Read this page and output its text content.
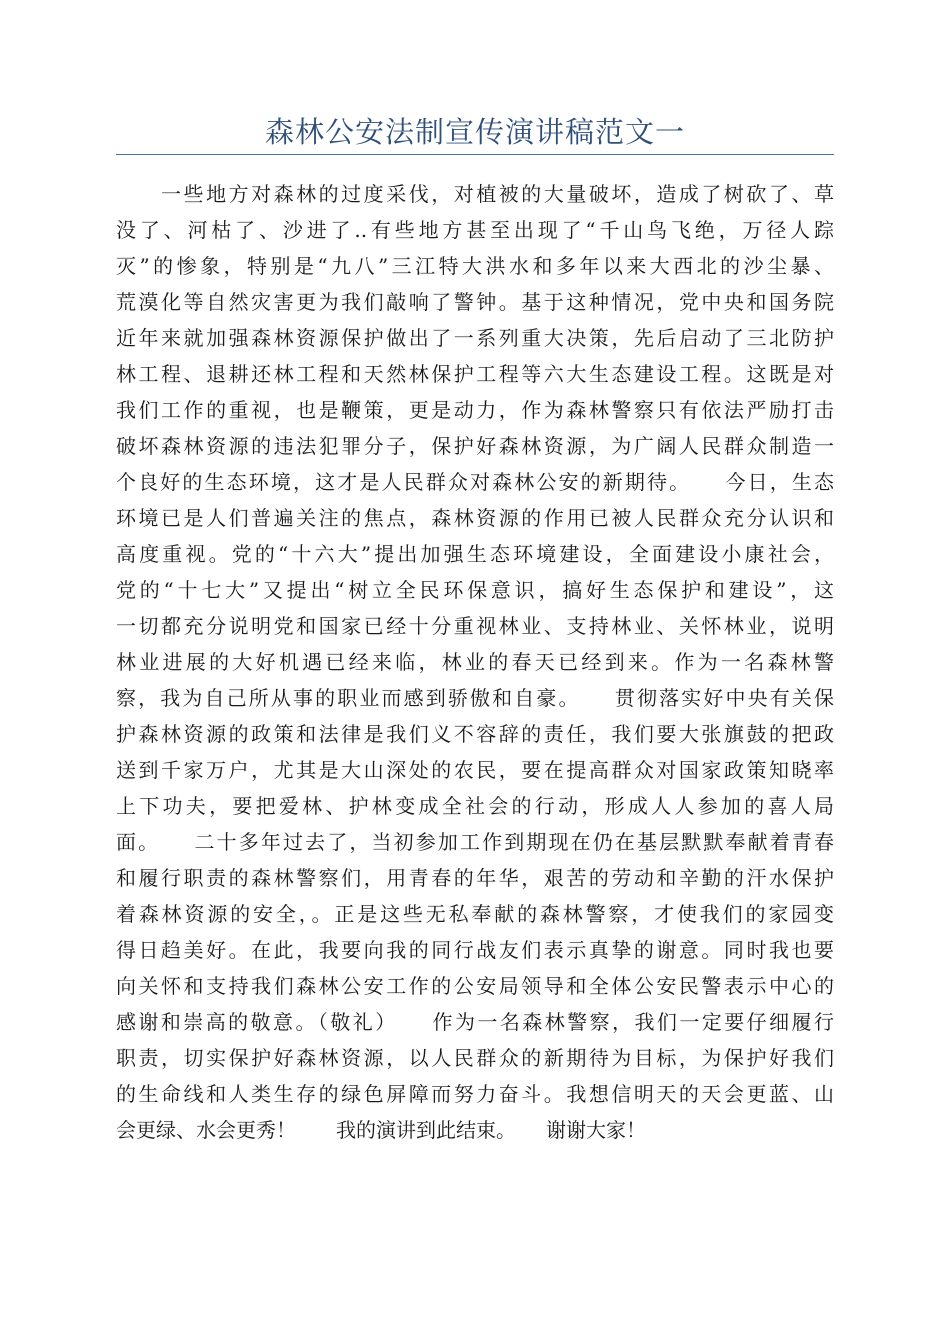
森林公安法制宣传演讲稿范文一
　　一些地方对森林的过度采伐，对植被的大量破坏，造成了树砍了、草
没了、河枯了、沙进了..有些地方甚至出现了“千山鸟飞绝，万径人踪
灭”的惨象，特别是“九八”三江特大洪水和多年以来大西北的沙尘暴、
荒漠化等自然灾害更为我们敲响了警钟。基于这种情况，党中央和国务院
近年来就加强森林资源保护做出了一系列重大决策，先后启动了三北防护
林工程、退耕还林工程和天然林保护工程等六大生态建设工程。这既是对
我们工作的重视，也是鞭策，更是动力，作为森林警察只有依法严励打击
破坏森林资源的违法犯罪分子，保护好森林资源，为广阔人民群众制造一
个良好的生态环境，这才是人民群众对森林公安的新期待。　　今日，生态
环境已是人们普遍关注的焦点，森林资源的作用已被人民群众充分认识和
高度重视。党的“十六大”提出加强生态环境建设，全面建设小康社会，
党的“十七大”又提出“树立全民环保意识，搞好生态保护和建设”，这
一切都充分说明党和国家已经十分重视林业、支持林业、关怀林业，说明
林业进展的大好机遇已经来临，林业的春天已经到来。作为一名森林警
察，我为自己所从事的职业而感到骄傲和自豪。　　贯彻落实好中央有关保
护森林资源的政策和法律是我们义不容辞的责任，我们要大张旗鼓的把政
送到千家万户，尤其是大山深处的农民，要在提高群众对国家政策知晓率
上下功夫，要把爱林、护林变成全社会的行动，形成人人参加的喜人局
面。　　二十多年过去了，当初参加工作到期现在仍在基层默默奉献着青春
和履行职责的森林警察们，用青春的年华，艰苦的劳动和辛勤的汗水保护
着森林资源的安全，。正是这些无私奉献的森林警察，才使我们的家园变
得日趋美好。在此，我要向我的同行战友们表示真挚的谢意。同时我也要
向关怀和支持我们森林公安工作的公安局领导和全体公安民警表示中心的
感谢和崇高的敬意。（敬礼）　　作为一名森林警察，我们一定要仔细履行
职责，切实保护好森林资源，以人民群众的新期待为目标，为保护好我们
的生命线和人类生存的绿色屏障而努力奋斗。我想信明天的天会更蓝、山
会更绿、水会更秀！　　我的演讲到此结束。　　谢谢大家！
